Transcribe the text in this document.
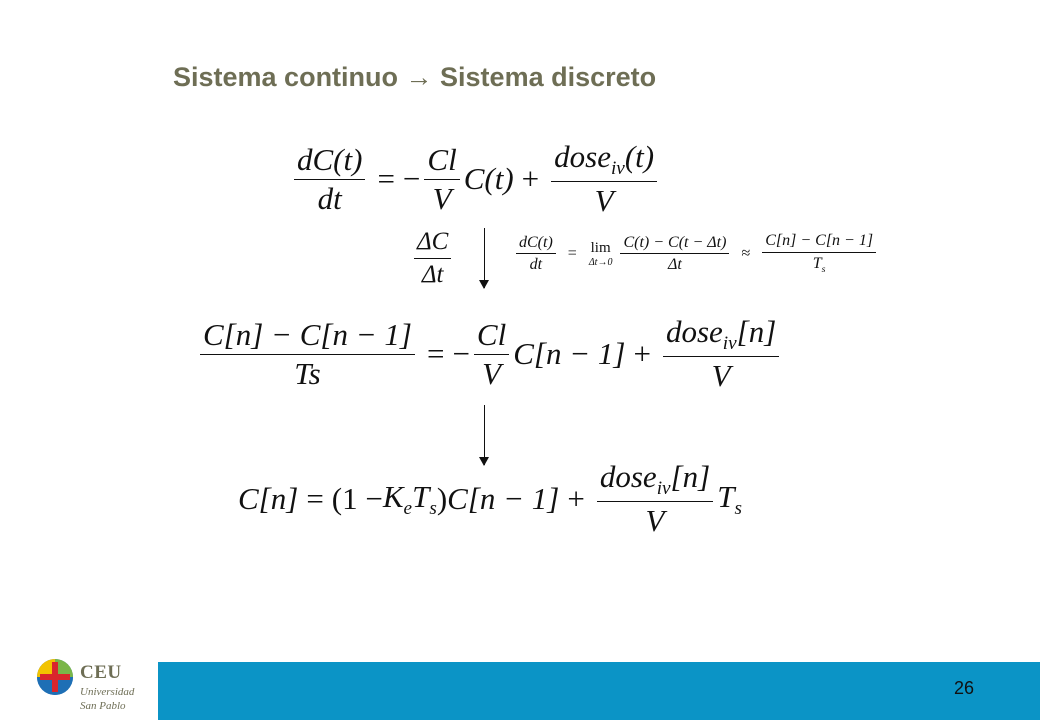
Sistema continuo → Sistema discreto
$\frac{dC(t)}{dt}$ = − $\frac{Cl}{V} C(t) + \frac{dose_{iv}(t)}{V}$
$\frac{\Delta C}{\Delta t}$	$\frac{dC(t)}{dt} = \lim$
$\Delta t\to 0 \frac{C(t) - C(t - \Delta t)}{\Delta t} \approx \frac{C[n] - C[n - 1]}{T_s}$
$\frac{C[n] - C[n - 1]}{Ts}$ = − $\frac{Cl}{V} C[n - 1] + \frac{dose_{iv}[n]}{V}$
$C[n] = (1 - K_e$ $T_s$ ) $C[n - 1] + \frac{dose_{iv}[n]}{V} T_s$
CEU
Universidad
San Pablo
26
